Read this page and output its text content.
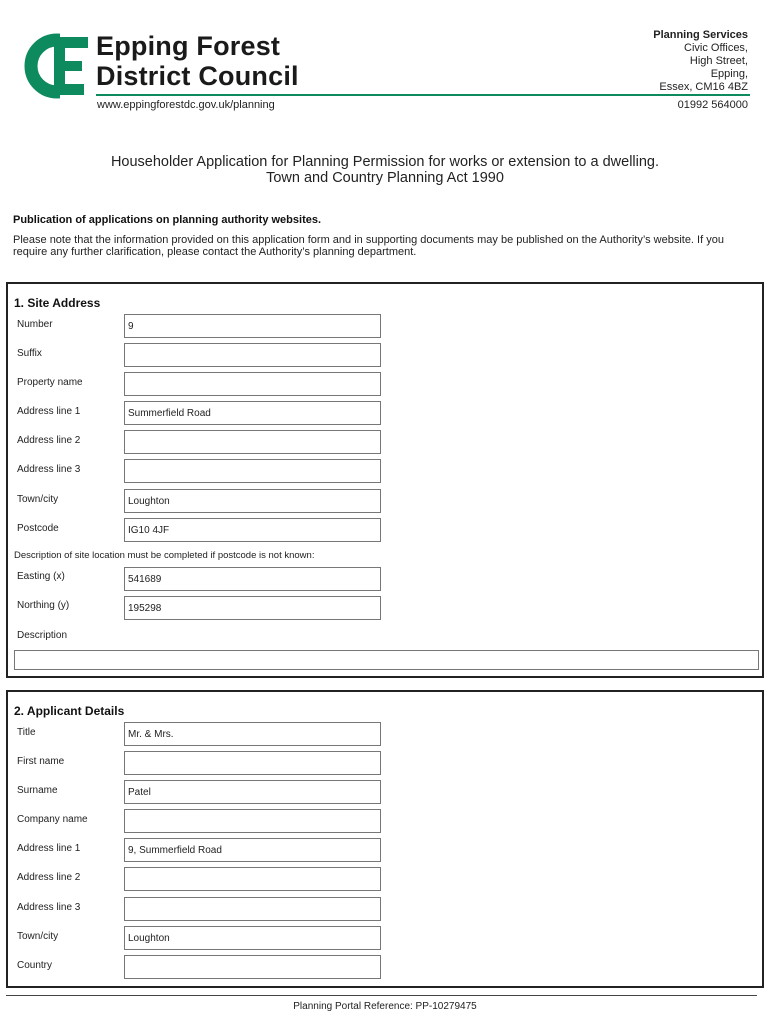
Epping Forest
District Council
www.eppingforestdc.gov.uk/planning
Planning Services
Civic Offices,
High Street,
Epping,
Essex, CM16 4BZ
01992 564000
Householder Application for Planning Permission for works or extension to a dwelling.
Town and Country Planning Act 1990
Publication of applications on planning authority websites.
Please note that the information provided on this application form and in supporting documents may be published on the Authority’s website. If you require any further clarification, please contact the Authority’s planning department.
1. Site Address
Number	9
Suffix
Property name
Address line 1	Summerfield Road
Address line 2
Address line 3
Town/city	Loughton
Postcode	IG10 4JF
Description of site location must be completed if postcode is not known:
Easting (x)	541689
Northing (y)	195298
Description
2. Applicant Details
Title	Mr. & Mrs.
First name
Surname	Patel
Company name
Address line 1	9, Summerfield Road
Address line 2
Address line 3
Town/city	Loughton
Country
Planning Portal Reference: PP-10279475
